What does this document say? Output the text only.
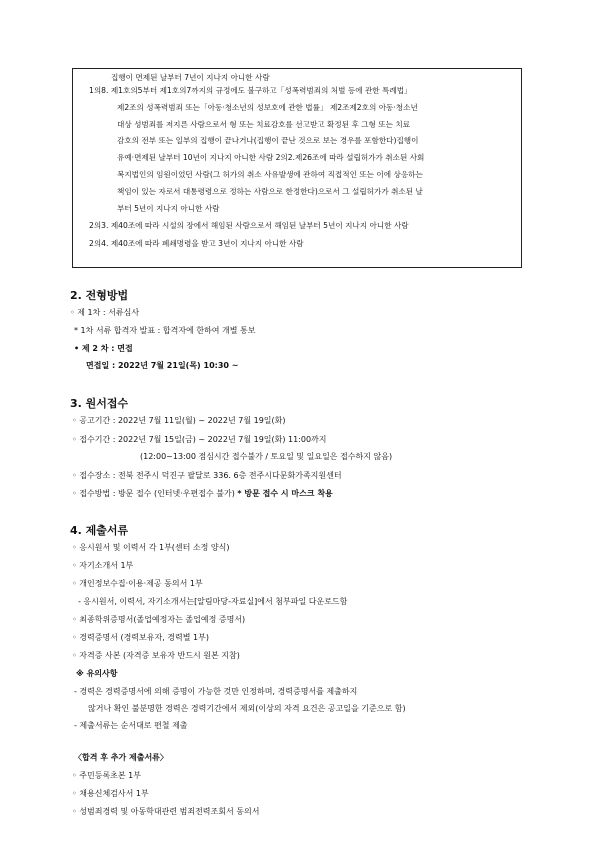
집행이 면제된 날부터 7년이 지나지 아니한 사람
1의8. 제1호의5부터 제1호의7까지의 규정에도 불구하고「성폭력범죄의 처벌 등에 관한 특례법」
제2조의 성폭력범죄 또는「아동·청소년의 성보호에 관한 법률」 제2조제2호의 아동·청소년
대상 성범죄를 저지른 사람으로서 형 또는 치료감호를 선고받고 확정된 후 그형 또는 치료
감호의 전부 또는 일부의 집행이 끝나거나(집행이 끝난 것으로 보는 경우를 포함한다)집행이
유예·면제된 날부터 10년이 지나지 아니한 사람 2의2.제26조에 따라 설립허가가 취소된 사회
복지법인의 임원이었던 사람(그 허가의 취소 사유발생에 관하여 직접적인 또는 이에 상응하는
책임이 있는 자로서 대통령령으로 정하는 사람으로 한정한다)으로서 그 설립허가가 취소된 날
부터 5년이 지나지 아니한 사람
2의3. 제40조에 따라 시설의 장에서 해임된 사람으로서 해임된 날부터 5년이 지나지 아니한 사람
2의4. 제40조에 따라 폐쇄명령을 받고 3년이 지나지 아니한 사람
2. 전형방법
◦ 제 1차 : 서류심사
* 1차 서류 합격자 발표 : 합격자에 한하여 개별 통보
• 제 2 차 : 면접
면접일 : 2022년 7월 21일(목) 10:30 ~
3. 원서접수
◦ 공고기간 : 2022년 7월 11일(월) ~ 2022년 7월 19일(화)
◦ 접수기간 : 2022년 7월 15일(금) ~ 2022년 7월 19일(화) 11:00까지
(12:00~13:00 점심시간 접수불가 / 토요일 및 일요일은 접수하지 않음)
◦ 접수장소 : 전북 전주시 덕진구 팔달로 336. 6층 전주시다문화가족지원센터
◦ 접수방법 : 방문 접수 (인터넷·우편접수 불가) * 방문 접수 시 마스크 착용
4. 제출서류
◦ 응시원서 및 이력서 각 1부(센터 소정 양식)
◦ 자기소개서 1부
◦ 개인정보수집·이용·제공 동의서 1부
- 응시원서, 이력서, 자기소개서는[알림마당-자료실]에서 첨부파일 다운로드함
◦ 최종학위증명서(졸업예정자는 졸업예정 증명서)
◦ 경력증명서 (경력보유자, 경력별 1부)
◦ 자격증 사본 (자격증 보유자 반드시 원본 지참)
※ 유의사항
- 경력은 경력증명서에 의해 증명이 가능한 것만 인정하며, 경력증명서를 제출하지
않거나 확인 불분명한 경력은 경력기간에서 제외(이상의 자격 요건은 공고일을 기준으로 함)
- 제출서류는 순서대로 편철 제출
〈합격 후 추가 제출서류〉
◦ 주민등록초본 1부
◦ 채용신체검사서 1부
◦ 성범죄경력 및 아동학대관련 범죄전력조회서 동의서
